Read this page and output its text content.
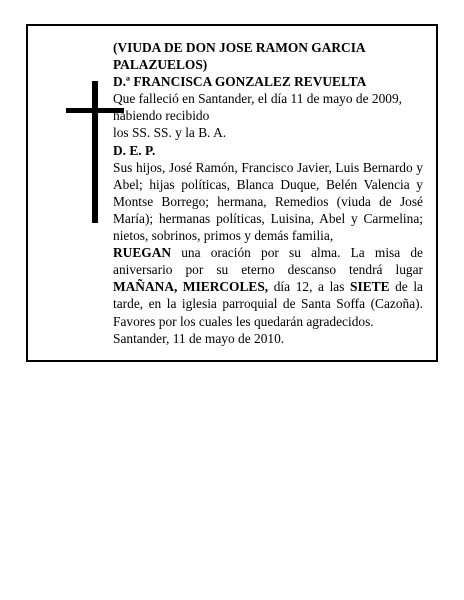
(VIUDA DE DON JOSE RAMON GARCIA PALAZUELOS)

D.ª FRANCISCA GONZALEZ REVUELTA

Que falleció en Santander, el día 11 de mayo de 2009, habiendo recibido

los SS. SS. y la B. A.

D. E. P.

Sus hijos, José Ramón, Francisco Javier, Luis Bernardo y Abel; hijas políticas, Blanca Duque, Belén Valencia y Montse Borrego; hermana, Remedios (viuda de José María); hermanas políticas, Luisina, Abel y Carmelina; nietos, sobrinos, primos y demás familia,

RUEGAN una oración por su alma. La misa de aniversario por su eterno descanso tendrá lugar MAÑANA, MIERCOLES, día 12, a las SIETE de la tarde, en la iglesia parroquial de Santa Soffa (Cazoña). Favores por los cuales les quedarán agradecidos.

Santander, 11 de mayo de 2010.
